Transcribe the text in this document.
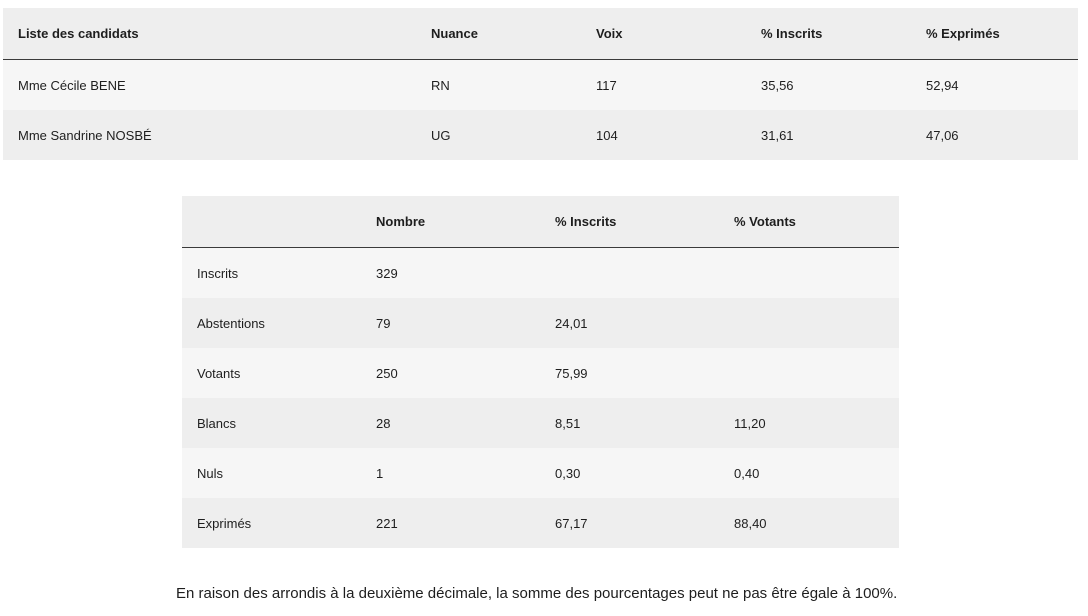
Liste des candidats	Nuance	Voix	% Inscrits	% Exprimés
Mme Cécile BENE	RN	117	35,56	52,94
Mme Sandrine NOSBÉ	UG	104	31,61	47,06
	Nombre	% Inscrits	% Votants
Inscrits	329		
Abstentions	79	24,01	
Votants	250	75,99	
Blancs	28	8,51	11,20
Nuls	1	0,30	0,40
Exprimés	221	67,17	88,40

En raison des arrondis à la deuxième décimale, la somme des pourcentages peut ne pas être égale à 100%.
